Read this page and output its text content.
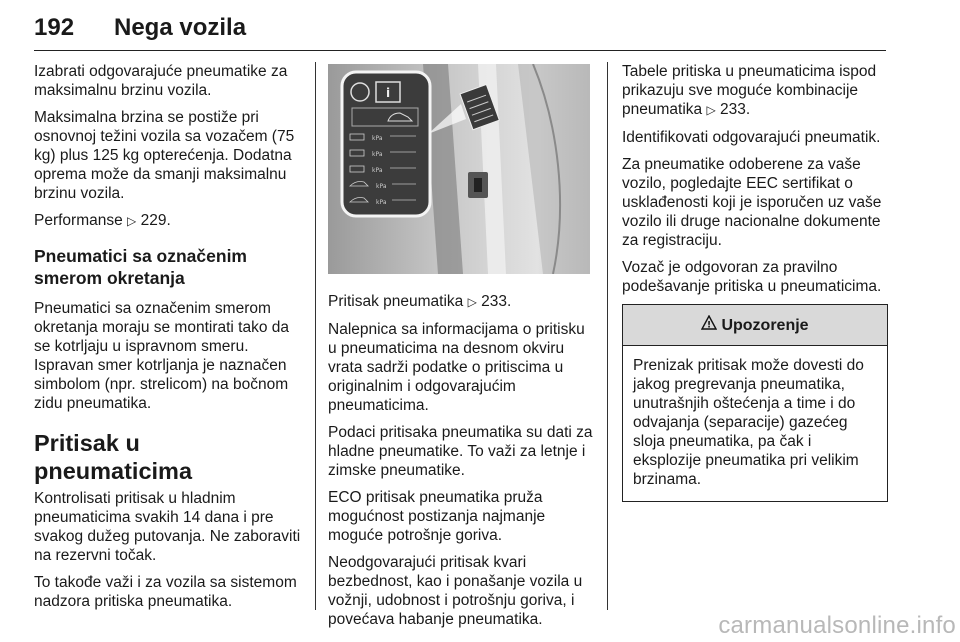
192 Nega vozila

Izabrati odgovarajuće pneumatike za maksimalnu brzinu vozila.

Maksimalna brzina se postiže pri osnovnoj težini vozila sa vozačem (75 kg) plus 125 kg opterećenja. Dodatna oprema može da smanji maksimalnu brzinu vozila.

Performanse ▷ 229.

Pneumatici sa označenim smerom okretanja

Pneumatici sa označenim smerom okretanja moraju se montirati tako da se kotrljaju u ispravnom smeru. Ispravan smer kotrljanja je naznačen simbolom (npr. strelicom) na bočnom zidu pneumatika.

Pritisak u pneumaticima

Kontrolisati pritisak u hladnim pneumaticima svakih 14 dana i pre svakog dužeg putovanja. Ne zaboraviti na rezervni točak.

To takođe važi i za vozila sa sistemom nadzora pritiska pneumatika.

i
kPa
kPa
kPa
kPa
kPa

Pritisak pneumatika ▷ 233.

Nalepnica sa informacijama o pritisku u pneumaticima na desnom okviru vrata sadrži podatke o pritiscima u originalnim i odgovarajućim pneumaticima.

Podaci pritisaka pneumatika su dati za hladne pneumatike. To važi za letnje i zimske pneumatike.

ECO pritisak pneumatika pruža mogućnost postizanja najmanje moguće potrošnje goriva.

Neodgovarajući pritisak kvari bezbednost, kao i ponašanje vozila u vožnji, udobnost i potrošnju goriva, i povećava habanje pneumatika.

Tabele pritiska u pneumaticima ispod prikazuju sve moguće kombinacije pneumatika ▷ 233.

Identifikovati odgovarajući pneumatik.

Za pneumatike odoberene za vaše vozilo, pogledajte EEC sertifikat o usklađenosti koji je isporučen uz vaše vozilo ili druge nacionalne dokumente za registraciju.

Vozač je odgovoran za pravilno podešavanje pritiska u pneumaticima.

! Upozorenje
Prenizak pritisak može dovesti do jakog pregrevanja pneumatika, unutrašnjih oštećenja a time i do odvajanja (separacije) gazećeg sloja pneumatika, pa čak i eksplozije pneumatika pri velikim brzinama.
carmanualsonline.info
